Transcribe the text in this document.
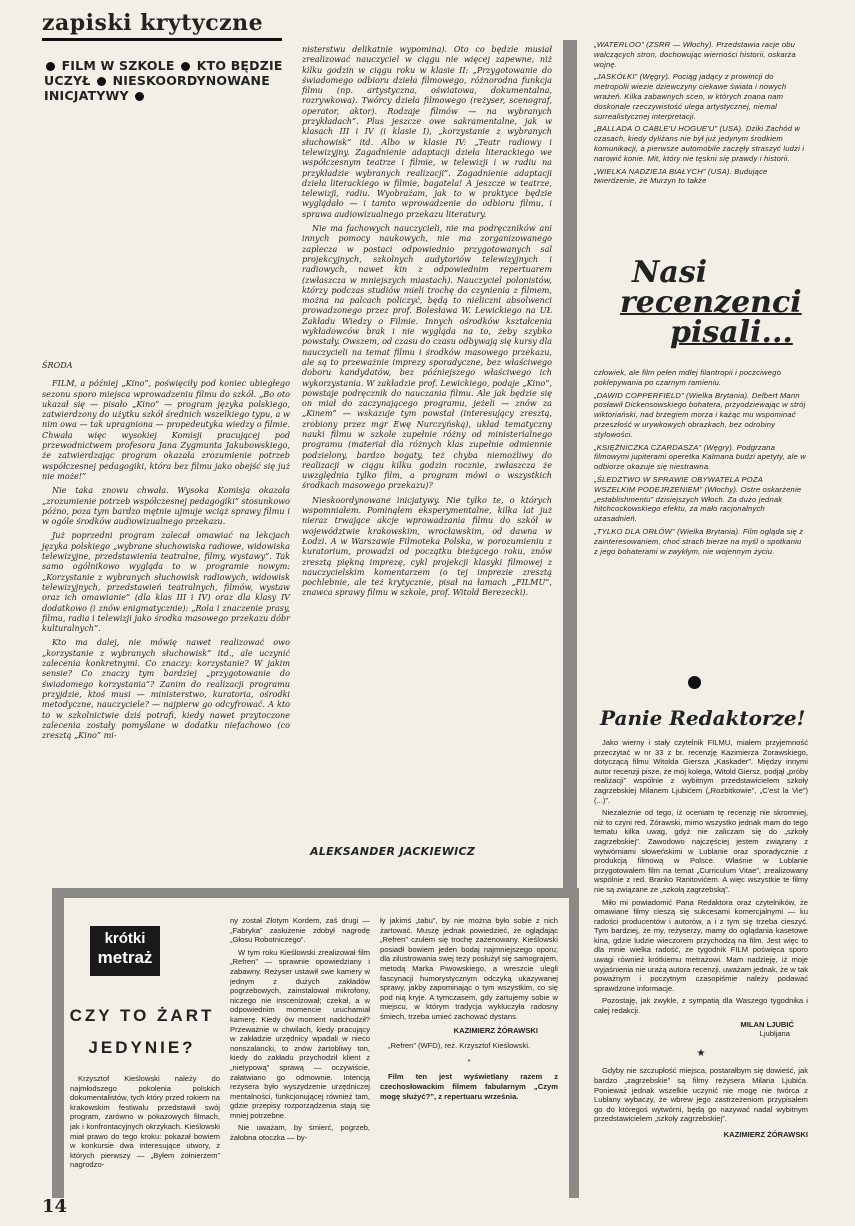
zapiski krytyczne
FILM W SZKOLE KTO BĘDZIE
UCZYŁ NIESKOORDYNOWANE
INICJATYWY

ŚRODA

FILM, a później „Kino”, poświęciły pod koniec ubiegłego sezonu sporo miejsca wprowadzeniu filmu do szkół. „Bo oto ukazał się — pisało „Kino” — program języka polskiego, zatwierdzony do użytku szkół średnich wszelkiego typu, a w nim owa — tak upragniona — propedeutyka wiedzy o filmie. Chwała więc wysokiej Komisji pracującej pod przewodnictwem profesora Jana Zygmunta Jakubowskiego, że zatwierdzając program okazała zrozumienie potrzeb współczesnej pedagogiki, która bez filmu jako obejść się już nie może!”

Nie taka znowu chwała. Wysoka Komisja okazała „zrozumienie potrzeb współczesnej pedagogiki” stosunkowo późno, poza tym bardzo mętnie ujmuje wciąż sprawy filmu i w ogóle środków audiowizualnego przekazu.

Już poprzedni program zalecał omawiać na lekcjach języka polskiego „wybrane słuchowiska radiowe, widowiska telewizyjne, przedstawienia teatralne, filmy, wystawy”. Tak samo ogólnikowo wygląda to w programie nowym: „Korzystanie z wybranych słuchowisk radiowych, widowisk telewizyjnych, przedstawień teatralnych, filmów, wystaw oraz ich omawianie” (dla klas III i IV) oraz dla klasy IV dodatkowo (i znów enigmatycznie): „Rola i znaczenie prasy, filmu, radia i telewizji jako środka masowego przekazu dóbr kulturalnych”.

Kto ma dalej, nie mówię nawet realizować owo „korzystanie z wybranych słuchowisk” itd., ale uczynić zalecenia konkretnymi. Co znaczy: korzystanie? W jakim sensie? Co znaczy tym bardziej „przygotowanie do świadomego korzystania”? Zanim do realizacji programu przyjdzie, ktoś musi — ministerstwo, kuratoria, ośrodki metodyczne, nauczyciele? — najpierw go odcyfrować. A kto to w szkolnictwie dziś potrafi, kiedy nawet przytoczone zalecenia zostały pomyślane w dodatku niefachowo (co zresztą „Kino” mi-

nisterstwu delikatnie wypomina). Oto co będzie musiał zrealizować nauczyciel w ciągu nie więcej zapewne, niż kilku godzin w ciągu roku w klasie II: „Przygotowanie do świadomego odbioru dzieła filmowego, różnorodna funkcja filmu (np. artystyczna, oświatowa, dokumentalna, rozrywkowa). Twórcy dzieła filmowego (reżyser, scenograf, operator, aktor). Rodzaje filmów — na wybranych przykładach”. Plus jeszcze owe sakramentalne, jak w klasach III i IV (i klasie I), „korzystanie z wybranych słuchowisk” itd. Albo w klasie IV: „Teatr radiowy i telewizyjny. Zagadnienie adaptacji dzieła literackiego we współczesnym teatrze i filmie, w telewizji i w radiu na przykładzie wybranych realizacji”. Zagadnienie adaptacji dzieła literackiego w filmie, bagatela! A jeszcze w teatrze, telewizji, radiu. Wyobrażam, jak to w praktyce będzie wyglądało — i tamto wprowadzenie do odbioru filmu, i sprawa audiowizualnego przekazu literatury.

Nie ma fachowych nauczycieli, nie ma podręczników ani innych pomocy naukowych, nie ma zorganizowanego zaplecza w postaci odpowiednio przygotowanych sal projekcyjnych, szkolnych audytoriów telewizyjnych i radiowych, nawet kin z odpowiednim repertuarem (zwłaszcza w mniejszych miastach). Nauczyciel polonistów, którzy podczas studiów mieli trochę do czynienia z filmem, można na palcach policzyć, będą to nieliczni absolwenci prowadzonego przez prof. Bolesława W. Lewickiego na UŁ Zakładu Wiedzy o Filmie. Innych ośrodków kształcenia wykładowców brak i nie wygląda na to, żeby szybko powstały. Owszem, od czasu do czasu odbywają się kursy dla nauczycieli na temat filmu i środków masowego przekazu, ale są to przeważnie imprezy sporadyczne, bez właściwego doboru kandydatów, bez późniejszego właściwego ich wykorzystania. W zakładzie prof. Lewickiego, podaje „Kino”, powstaje podręcznik do nauczania filmu. Ale jak będzie się on miał do zaczynającego programu, jeżeli — znów za „Kinem” — wskazuje tym powstał (interesujący zresztą, zrobiony przez mgr Ewę Nurczyńską), układ tematyczny nauki filmu w szkole zupełnie różny od ministerialnego programu (materiał dla różnych klas zupełnie odmiennie podzielony, bardzo bogaty, też chyba niemożliwy do realizacji w ciągu kilku godzin rocznie, zwłaszcza że uwzględnia tylko film, a program mówi o wszystkich środkach masowego przekazu)?

Nieskoordynowane inicjatywy. Nie tylko te, o których wspomniałem. Pominąłem eksperymentalne, kilka lat już nieraz trwające akcje wprowadzania filmu do szkół w województwie krakowskim, wrocławskim, od dawna w Łodzi. A w Warszawie Filmoteka Polska, w porozumieniu z kuratorium, prowadzi od początku bieżącego roku, znów zresztą piękną imprezę, cykl projekcji klasyki filmowej z nauczycielskim komentarzem (o tej imprezie zresztą pochlebnie, ale też krytycznie, pisał na łamach „FILMU”, znawca sprawy filmu w szkole, prof. Witold Berezecki).

ALEKSANDER JACKIEWICZ

„WATERLOO” (ZSRR — Włochy). Przedstawia racje obu walczących stron, dochowując wierności historii, oskarża wojnę.

„JASKÓŁKI” (Węgry). Pociąg jadący z prowincji do metropolii wiezie dziewczyny ciekawe świata i nowych wrażeń. Kilka zabawnych scen, w których znana nam doskonale rzeczywistość ulega artystycznej, niemal surrealistycznej interpretacji.

„BALLADA O CABLE'U HOGUE'U” (USA). Dziki Zachód w czasach, kiedy dyliżans nie był już jedynym środkiem komunikacji, a pierwsze automobile zaczęły straszyć ludzi i narowić konie. Mit, który nie tęskni się prawdy i historii.

„WIELKA NADZIEJA BIAŁYCH” (USA). Budujące twierdzenie, że Murzyn to także

Nasi
recenzenci
pisali...

człowiek, ale film pełen mdłej filantropii i poczciwego poklepywania po czarnym ramieniu.

„DAWID COPPERFIELD” (Wielka Brytania). Delbert Mann posławił Dickensowskiego bohatera, przyodziewając w strój wiktoriański, nad brzegiem morza i każąc mu wspominać przeszłość w urywkowych obrazkach, bez odrobiny stylowości.

„KSIĘŻNICZKA CZARDASZA” (Węgry). Podgrzana filmowymi jupiterami operetka Kalmana budzi apetyty, ale w odbiorze okazuje się niestrawna.

„ŚLEDZTWO W SPRAWIE OBYWATELA POZA WSZELKIM PODEJRZENIEM” (Włochy). Ostre oskarżenie „establishmentu” dzisiejszych Włoch. Za dużo jednak hitchcockowskiego efektu, za mało racjonalnych uzasadnień.

„TYLKO DLA ORŁÓW” (Wielka Brytania). Film ogląda się z zainteresowaniem, choć strach bierze na myśl o spotkaniu z jego bohaterami w zwykłym, nie wojennym życiu.

Panie Redaktorze!

Jako wierny i stały czytelnik FILMU, miałem przyjemność przeczytać w nr 33 z br. recenzję Kazimierza Żorawskiego, dotyczącą filmu Witolda Giersza „Kaskader”. Między innymi autor recenzji pisze, że mój kolega, Witold Giersz, podjął „próby realizacji” wspólnie z wybitnym przedstawicielem szkoły zagrzebskiej Milanem Ljubićem („Rozbitkowie”, „C'est la Vie”) (...)”.

Niezależnie od tego, iż oceniam tę recenzję nie skromniej, niż to czyni red. Żórawski, mimo wszystko jednak mam do tego tematu kilka uwag, gdyż nie zaliczam się do „szkoły zagrzebskiej”. Zawodowo najczęściej jestem związany z wytwórniami słoweńskimi w Lublanie oraz sporadycznie z produkcją filmową w Polsce. Właśnie w Lublanie przygotowałem film na temat „Curriculum Vitae”, zrealizowany wspólnie z red. Branko Ranitovićem. A więc wszystkie te filmy nie są związane ze „szkołą zagrzebską”.

Miło mi powiadomić Pana Redaktora oraz czytelników, że omawiane filmy cieszą się sukcesami komercjalnymi — ku radości producentów i autorów, a i z tym się trzeba cieszyć. Tym bardziej, że my, reżyserzy, mamy do oglądania kasetowe kina, gdzie ludzie wieczorem przychodzą na film. Jest więc to dla mnie wielka radość, że tygodnik FILM poświęca sporo uwagi również krótkiemu metrażowi. Mam nadzieję, iż moje wyjaśnienia nie urażą autora recenzji, uważam jednak, że w tak poważnym i poczytnym czasopiśmie należy podawać sprawdzone informacje.

Pozostaję, jak zwykle, z sympatią dla Waszego tygodnika i całej redakcji.

MILAN LJUBIĆ

Ljubljana

★

Gdyby nie szczupłość miejsca, postarałbym się dowieść, jak bardzo „zagrzebskie” są filmy reżysera Milana Ljubića. Ponieważ jednak wszelkie uczynić nie mogę nie twórca z Lublany wybaczy, że wbrew jego zastrzeżeniom przypisałem go do któregoś wytwórni, będą go nazywać nadal wybitnym przedstawicielem „szkoły zagrzebskiej”.

KAZIMIERZ ŻÓRAWSKI

krótki
metraż
CZY TO ŻART
JEDYNIE?

Krzysztof Kieślowski należy do najmłodszego pokolenia polskich dokumentalistów, tych który przed rokiem na krakowskim festiwalu przedstawił swój program, zarówno w pokazowych filmach, jak i konfrontacyjnych okrzykach. Kieślowski miał prawo do tego kroku: pokazał bowiem w konkursie dwa interesujące utwory, z których pierwszy — „Byłem żołnierzem” nagrodzo-

ny został Złotym Kordem, zaś drugi — „Fabryka” zasłużenie zdobył nagrodę „Głosu Robotniczego”.

W tym roku Kieślowski zrealizował film „Refren” — sprawnie opowiedziany i zabawny. Reżyser ustawił swe kamery w jednym z dużych zakładów pogrzebowych, zainstalował mikrofony, niczego nie inscenizował; czekał, a w odpowiednim momencie uruchamiał kamerę. Kiedy ów moment nadchodził? Przeważnie w chwilach, kiedy pracujący w zakładzie urzędnicy wpadali w nieco nonszalancki, to znów żartobliwy ton, kiedy do zakładu przychodził klient z „nietypową” sprawą — oczywiście, załatwiano go odmownie. Intencją reżysera było wyszydzenie urzędniczej mentalności, funkcjonującej również tam, gdzie przepisy rozporządzenia stają się mniej potrzebne.

Nie uważam, by śmierć, pogrzeb, żałobna otoczka — by-

ły jakimś „tabu”, by nie można było sobie z nich żartować. Muszę jednak powiedzieć, że oglądając „Refren” czułem się trochę zażenowany. Kieślowski posiadł bowiem jeden bodaj najmniejszego oporu; dla zilustrowania swej tezy posłużył się samograjem, metodą Marka Piwowskiego, a wreszcie ulegli fascynacji humorystycznym odczyką ukazywanej sprawy, jakby zapominając o tym wszystkim, co się pod nią kryje. A tymczasem, gdy żartujemy sobie w miejscu, w którym tradycja wykluczyła radosny śmiech, trzeba umieć zachować dystans.

KAZIMIERZ ŻÓRAWSKI

„Refren” (WFD), reż. Krzysztof Kieślowski.

*

Film ten jest wyświetlany razem z czechosłowackim filmem fabularnym „Czym mogę służyć?”, z repertuaru września.

14
